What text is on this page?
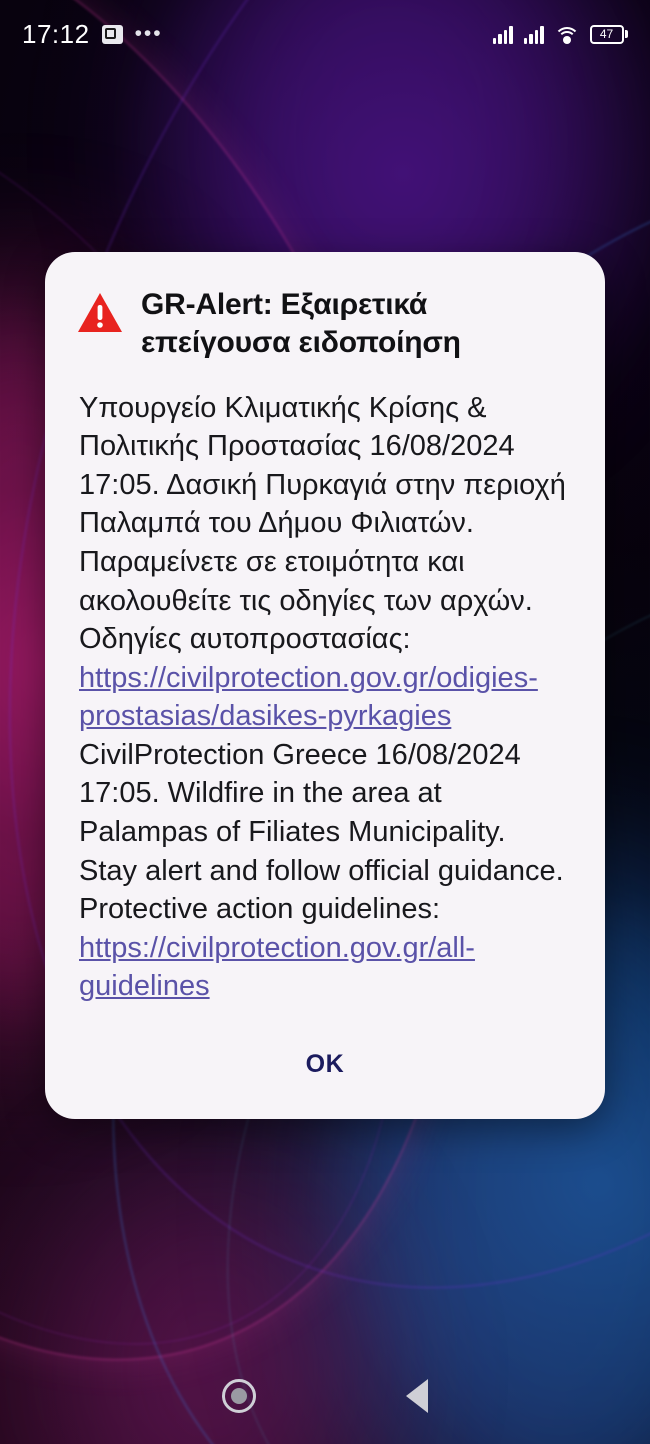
17:12 •••	47
GR-Alert: Εξαιρετικά επείγουσα ειδοποίηση
Υπουργείο Κλιματικής Κρίσης & Πολιτικής Προστασίας 16/08/2024 17:05. Δασική Πυρκαγιά στην περιοχή Παλαμπά του Δήμου Φιλιατών. Παραμείνετε σε ετοιμότητα και ακολουθείτε τις οδηγίες των αρχών. Οδηγίες αυτοπροστασίας: https://civilprotection.gov.gr/odigies-prostasias/dasikes-pyrkagies CivilProtection Greece 16/08/2024 17:05. Wildfire in the area at Palampas of Filiates Municipality. Stay alert and follow official guidance. Protective action guidelines: https://civilprotection.gov.gr/all-guidelines
OK
